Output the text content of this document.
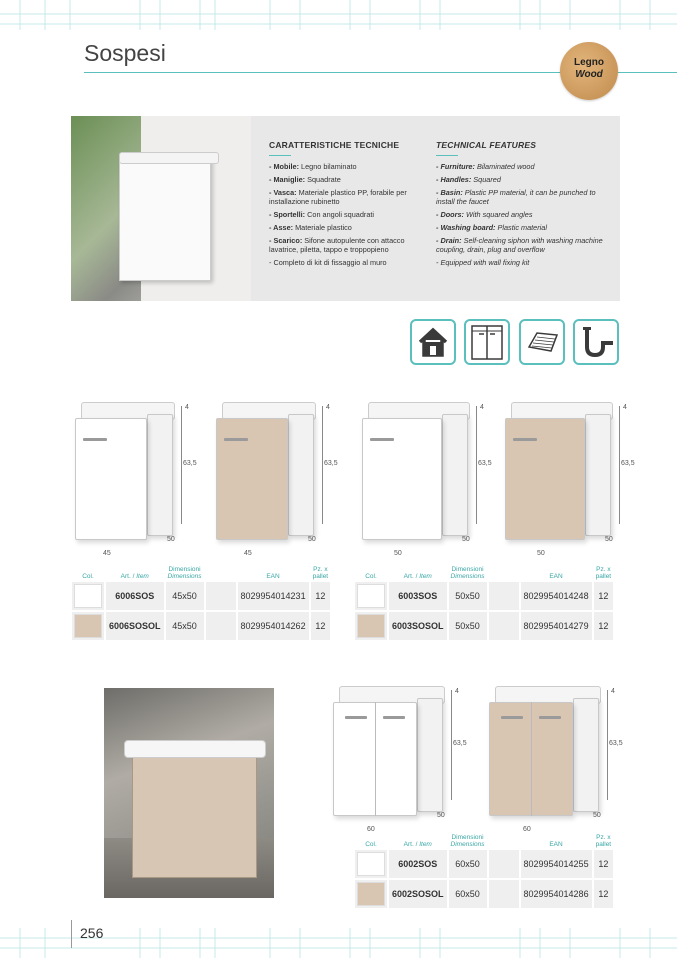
Sospesi	Legno
Wood
CARATTERISTICHE TECNICHE
- Mobile: Legno bilaminato
- Maniglie: Squadrate
- Vasca: Materiale plastico PP, forabile per installazione rubinetto
- Sportelli: Con angoli squadrati
- Asse: Materiale plastico
- Scarico: Sifone autopulente con attacco lavatrice, piletta, tappo e troppopieno
- Completo di kit di fissaggio al muro
TECHNICAL FEATURES
- Furniture: Bilaminated wood
- Handles: Squared
- Basin: Plastic PP material, it can be punched to install the faucet
- Doors: With squared angles
- Washing board: Plastic material
- Drain: Self-cleaning siphon with washing machine coupling, drain, plug and overflow
- Equipped with wall fixing kit
4
63,5
50
45
4
63,5
50
45
4
63,5
50
50
4
63,5
50
50
4
63,5
50
60
4
63,5
50
60
Col.	Art. / Item	Dimensioni
Dimensions		EAN	Pz. x
pallet

	6006SOS	45x50		8029954014231	12

	6006SOSOL	45x50		8029954014262	12
Col.	Art. / Item	Dimensioni
Dimensions		EAN	Pz. x
pallet

	6003SOS	50x50		8029954014248	12

	6003SOSOL	50x50		8029954014279	12
Col.	Art. / Item	Dimensioni
Dimensions		EAN	Pz. x
pallet

	6002SOS	60x50		8029954014255	12

	6002SOSOL	60x50		8029954014286	12
256
